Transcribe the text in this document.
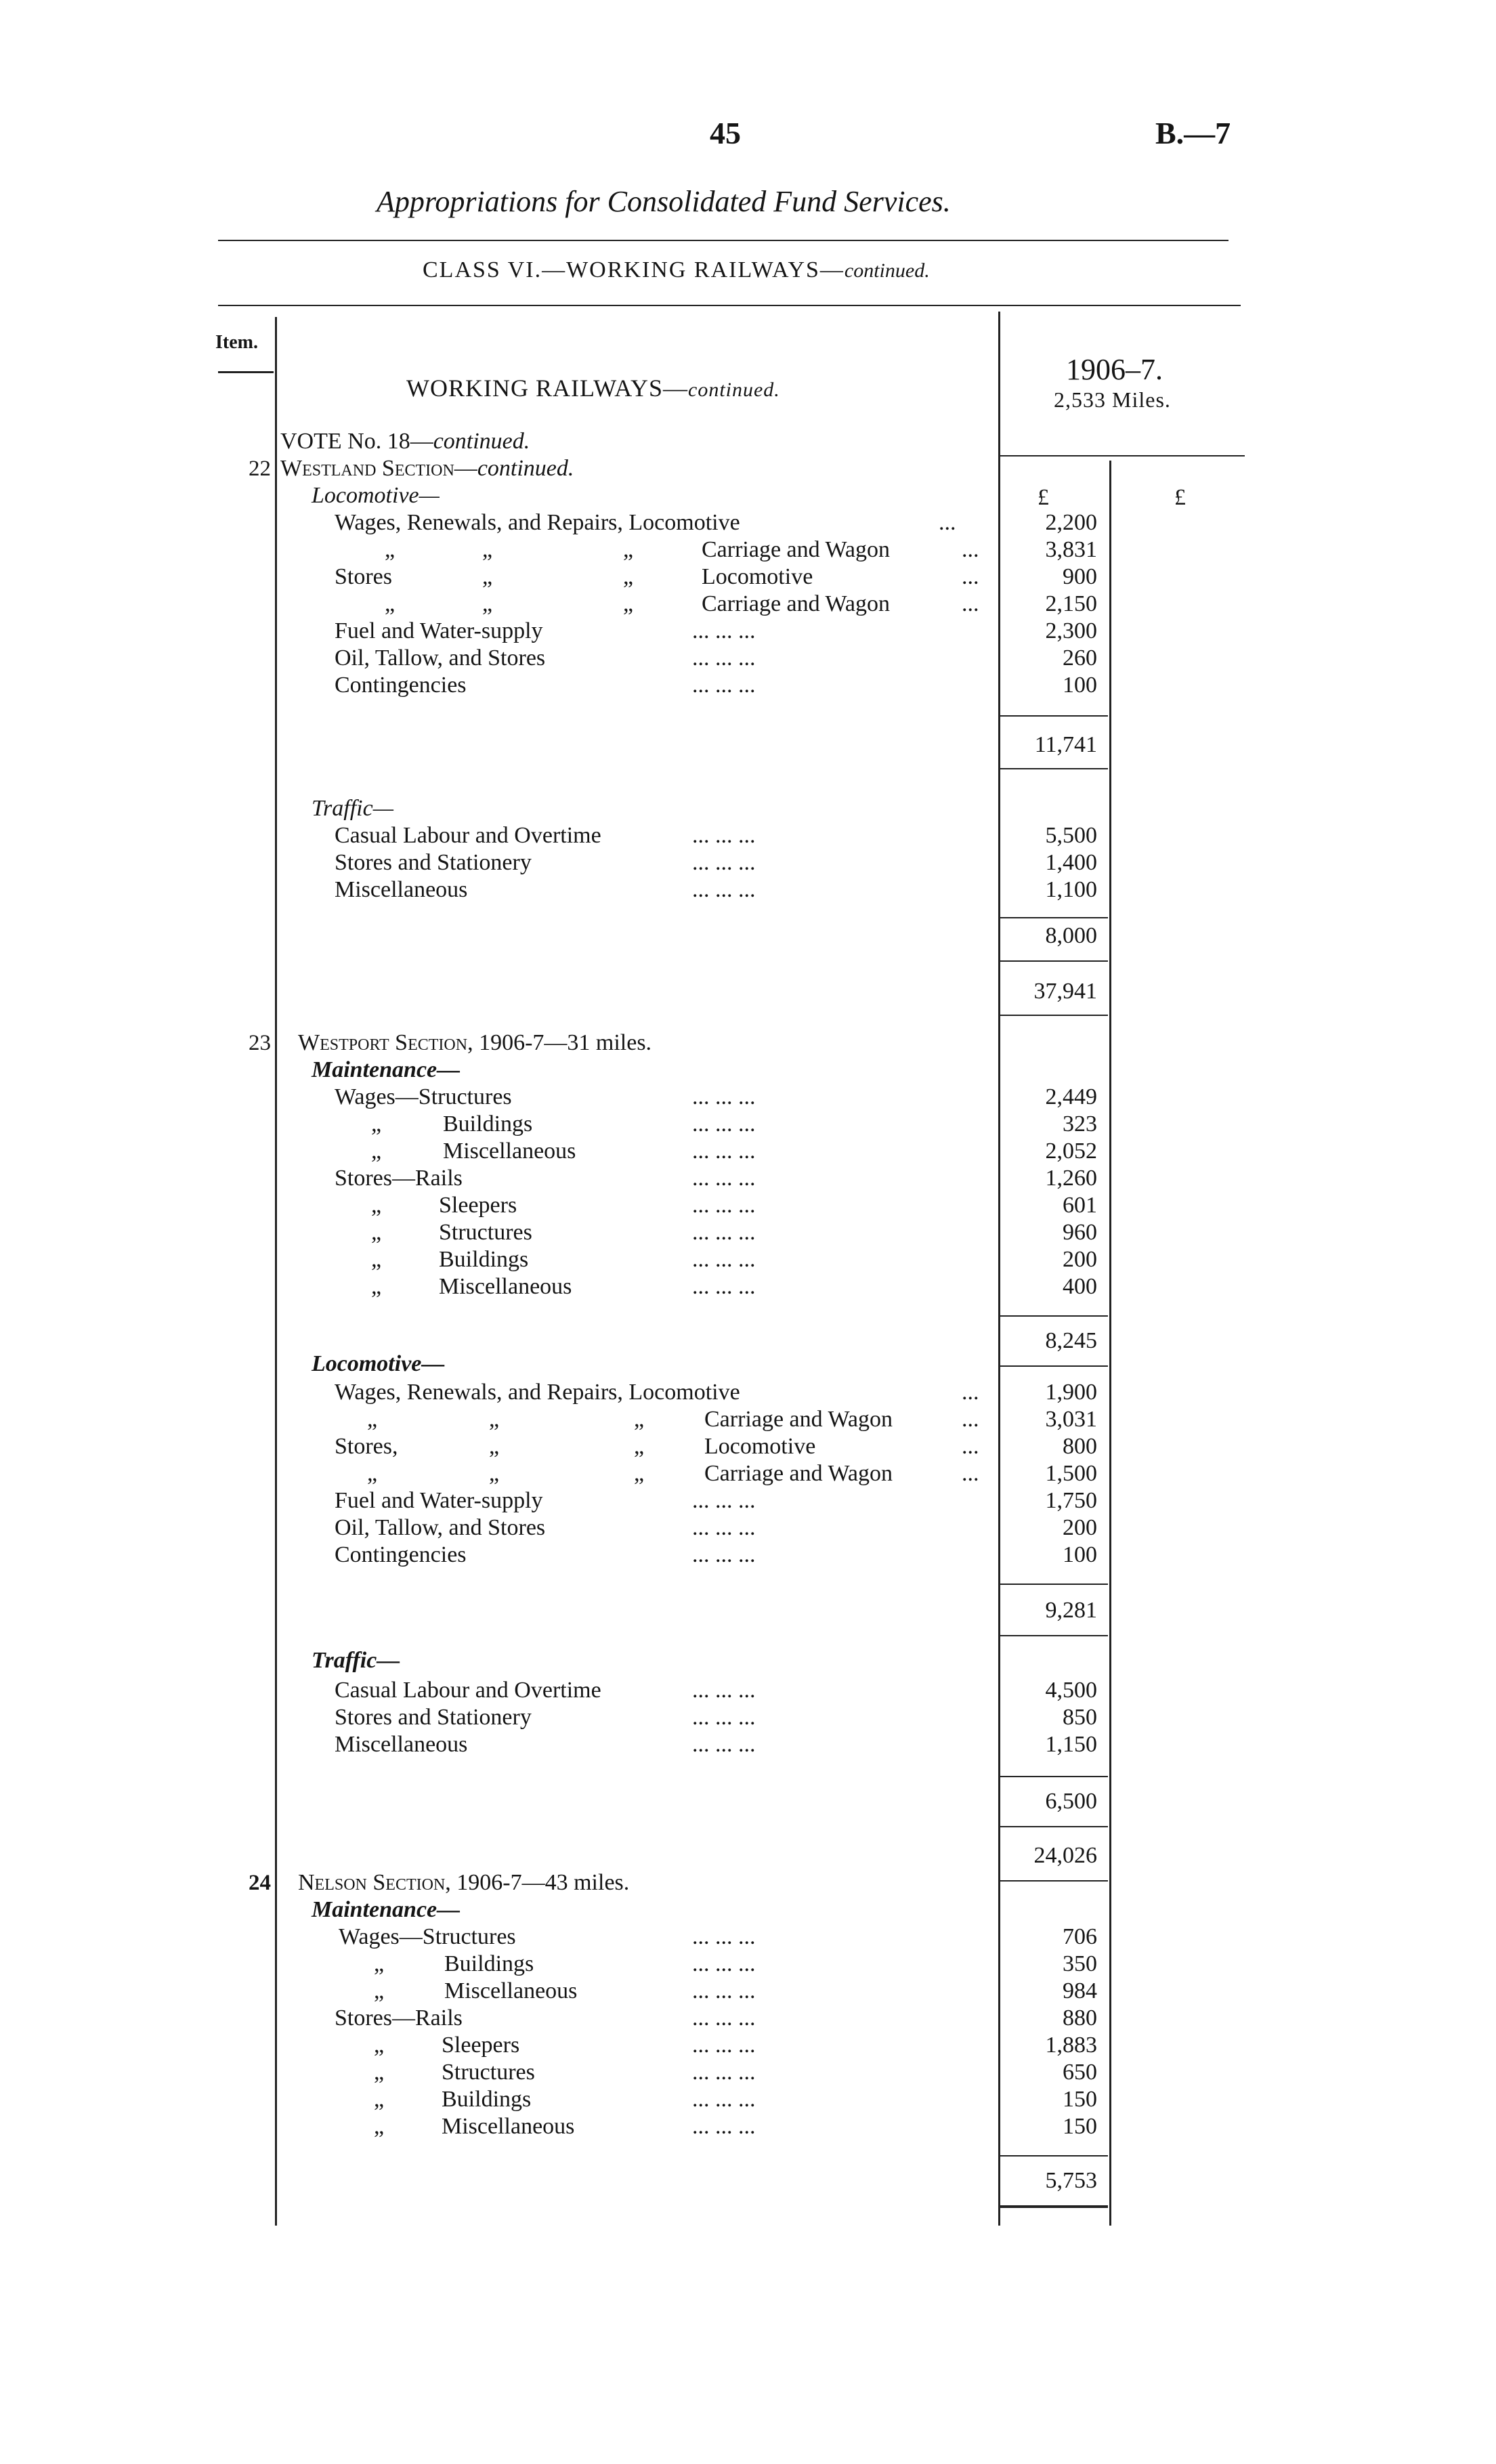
45	B.—7
Appropriations for Consolidated Fund Services.
CLASS VI.—WORKING RAILWAYS—continued.
Item.
WORKING RAILWAYS—continued.
1906–7.
2,533 Miles.
£	£
VOTE No. 18—continued.
22 Westland Section—continued.
Locomotive—
Wages, Renewals, and Repairs, Locomotive	...	2,200
„	„	„	Carriage and Wagon	...	3,831
Stores	„	„	Locomotive	...	900
„	„	„	Carriage and Wagon	...	2,150
Fuel and Water-supply	... ... ...	2,300
Oil, Tallow, and Stores	... ... ...	260
Contingencies	... ... ...	100
11,741
Traffic—
Casual Labour and Overtime	... ... ...	5,500
Stores and Stationery	... ... ...	1,400
Miscellaneous	... ... ...	1,100
8,000
37,941
23 Westport Section, 1906-7—31 miles.
Maintenance—
Wages—Structures	... ... ...	2,449
„	Buildings	... ... ...	323
„	Miscellaneous	... ... ...	2,052
Stores—Rails	... ... ...	1,260
„ Sleepers	... ... ...	601
„ Structures	... ... ...	960
„ Buildings	... ... ...	200
„ Miscellaneous	... ... ...	400
8,245
Locomotive—
Wages, Renewals, and Repairs, Locomotive	...	1,900
„	„	„	Carriage and Wagon	...	3,031
Stores,	„	„	Locomotive	...	800
„	„	„	Carriage and Wagon	...	1,500
Fuel and Water-supply	... ... ...	1,750
Oil, Tallow, and Stores	... ... ...	200
Contingencies	... ... ...	100
9,281
Traffic—
Casual Labour and Overtime	... ... ...	4,500
Stores and Stationery	... ... ...	850
Miscellaneous	... ... ...	1,150
6,500
24,026
24 Nelson Section, 1906-7—43 miles.
Maintenance—
Wages—Structures	... ... ...	706
„	Buildings	... ... ...	350
„	Miscellaneous	... ... ...	984
Stores—Rails	... ... ...	880
„ Sleepers	... ... ...	1,883
„ Structures	... ... ...	650
„ Buildings	... ... ...	150
„ Miscellaneous	... ... ...	150
5,753
